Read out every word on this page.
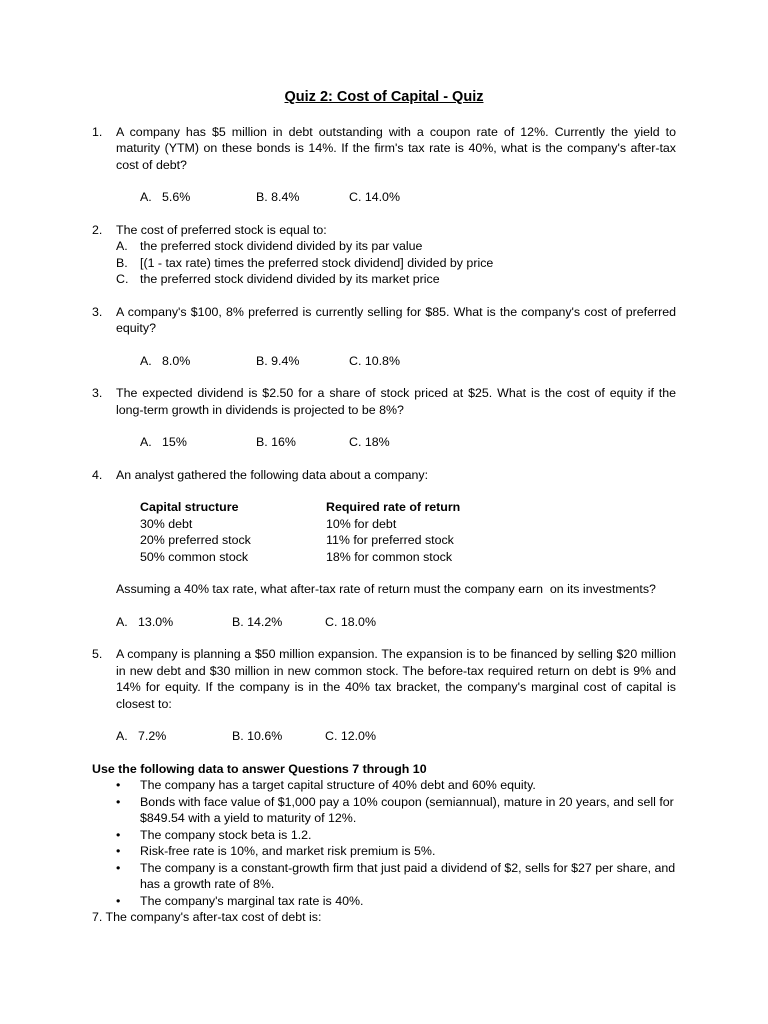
Quiz 2: Cost of Capital - Quiz
1.	A company has $5 million in debt outstanding with a coupon rate of 12%. Currently the yield to maturity (YTM) on these bonds is 14%. If the firm's tax rate is 40%, what is the company's after-tax cost of debt?
A.   5.6%	B. 8.4%	C. 14.0%
2.	The cost of preferred stock is equal to:
A. the preferred stock dividend divided by its par value
B. [(1 - tax rate) times the preferred stock dividend] divided by price
C. the preferred stock dividend divided by its market price
3.	A company's $100, 8% preferred is currently selling for $85. What is the company's cost of preferred equity?
A.   8.0%	B. 9.4%	C. 10.8%
3.	The expected dividend is $2.50 for a share of stock priced at $25. What is the cost of equity if the long-term growth in dividends is projected to be 8%?
A.   15%	B. 16%	C. 18%
4.	An analyst gathered the following data about a company:
Capital structure	Required rate of return
30% debt	10% for debt
20% preferred stock	11% for preferred stock
50% common stock	18% for common stock
Assuming a 40% tax rate, what after-tax rate of return must the company earn  on its investments?
A.   13.0%	B. 14.2%	C. 18.0%
5.	A company is planning a $50 million expansion. The expansion is to be financed by selling $20 million in new debt and $30 million in new common stock. The before-tax required return on debt is 9% and 14% for equity. If the company is in the 40% tax bracket, the company's marginal cost of capital is closest to:
A.   7.2%	B. 10.6%	C. 12.0%
Use the following data to answer Questions 7 through 10
•	The company has a target capital structure of 40% debt and 60% equity.
•	Bonds with face value of $1,000 pay a 10% coupon (semiannual), mature in 20 years, and sell for $849.54 with a yield to maturity of 12%.
•	The company stock beta is 1.2.
•	Risk-free rate is 10%, and market risk premium is 5%.
•	The company is a constant-growth firm that just paid a dividend of $2, sells for $27 per share, and has a growth rate of 8%.
•	The company's marginal tax rate is 40%.
7. The company's after-tax cost of debt is:
